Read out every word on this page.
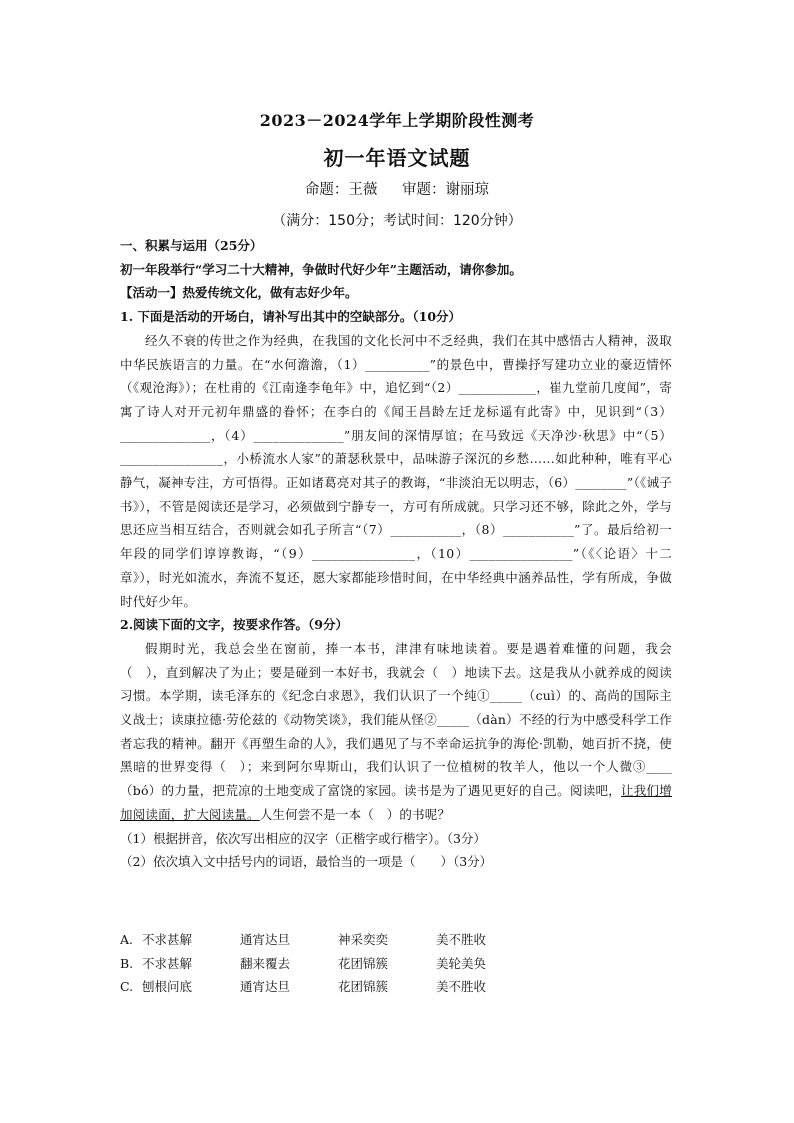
2023－2024学年上学期阶段性测考
初一年语文试题
命题：王薇 审题：谢丽琼
（满分：150分；考试时间：120分钟）

一、积累与运用（25分）

初一年段举行“学习二十大精神，争做时代好少年”主题活动，请你参加。

【活动一】热爱传统文化，做有志好少年。

1. 下面是活动的开场白，请补写出其中的空缺部分。（10分）

经久不衰的传世之作为经典，在我国的文化长河中不乏经典，我们在其中感悟古人精神，汲取中华民族语言的力量。在“水何澹澹，（1）__________”的景色中，曹操抒写建功立业的豪迈情怀（《观沧海》）；在杜甫的《江南逢李龟年》中，追忆到“（2）____________，崔九堂前几度闻”，寄寓了诗人对开元初年鼎盛的眷怀；在李白的《闻王昌龄左迁龙标遥有此寄》中，见识到“（3）______________，（4）______________”朋友间的深情厚谊；在马致远《天净沙·秋思》中“（5）________________，小桥流水人家”的萧瑟秋景中，品味游子深沉的乡愁……如此种种，唯有平心静气，凝神专注，方可悟得。正如诸葛亮对其子的教诲，“非淡泊无以明志，（6）________”（《诫子书》），不管是阅读还是学习，必须做到宁静专一，方可有所成就。只学习还不够，除此之外，学与思还应当相互结合，否则就会如孔子所言“（7）___________，（8）___________”了。最后给初一年段的同学们谆谆教诲，“（9）________________，（10）________________”（《〈论语〉十二章》），时光如流水，奔流不复还，愿大家都能珍惜时间，在中华经典中涵养品性，学有所成，争做时代好少年。

2.阅读下面的文字，按要求作答。（9分）

假期时光，我总会坐在窗前，捧一本书，津津有味地读着。要是遇着难懂的问题，我会（　），直到解决了为止；要是碰到一本好书，我就会（　）地读下去。这是我从小就养成的阅读习惯。本学期，读毛泽东的《纪念白求恩》，我们认识了一个纯①_____（cuì）的、高尚的国际主义战士；读康拉德·劳伦兹的《动物笑谈》，我们能从怪②_____（dàn）不经的行为中感受科学工作者忘我的精神。翻开《再塑生命的人》，我们遇见了与不幸命运抗争的海伦·凯勒，她百折不挠，使黑暗的世界变得（　）；来到阿尔卑斯山，我们认识了一位植树的牧羊人，他以一个人微③____（bó）的力量，把荒凉的土地变成了富饶的家园。读书是为了遇见更好的自己。阅读吧，让我们增加阅读面，扩大阅读量。人生何尝不是一本（　）的书呢？

（1）根据拼音，依次写出相应的汉字（正楷字或行楷字）。（3分）

（2）依次填入文中括号内的词语，最恰当的一项是（　　）（3分）

A. 不求甚解	通宵达旦	神采奕奕	美不胜收
B. 不求甚解	翻来覆去	花团锦簇	美轮美奂
C. 刨根问底	通宵达旦	花团锦簇	美不胜收
